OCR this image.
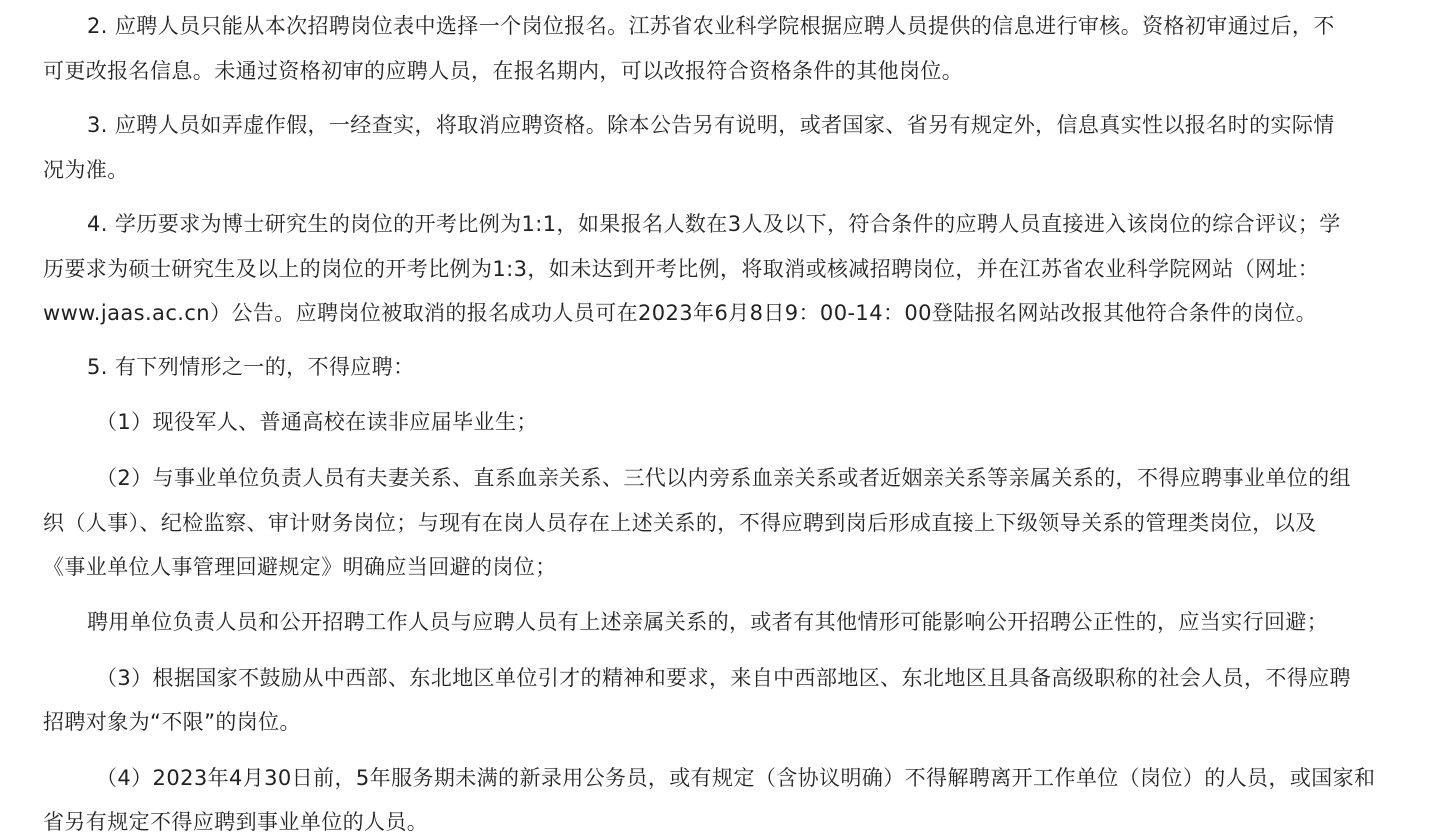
2. 应聘人员只能从本次招聘岗位表中选择一个岗位报名。江苏省农业科学院根据应聘人员提供的信息进行审核。资格初审通过后，不
可更改报名信息。未通过资格初审的应聘人员，在报名期内，可以改报符合资格条件的其他岗位。
3. 应聘人员如弄虚作假，一经查实，将取消应聘资格。除本公告另有说明，或者国家、省另有规定外，信息真实性以报名时的实际情
况为准。
4. 学历要求为博士研究生的岗位的开考比例为1:1，如果报名人数在3人及以下，符合条件的应聘人员直接进入该岗位的综合评议；学
历要求为硕士研究生及以上的岗位的开考比例为1:3，如未达到开考比例，将取消或核减招聘岗位，并在江苏省农业科学院网站（网址：
www.jaas.ac.cn）公告。应聘岗位被取消的报名成功人员可在2023年6月8日9：00-14：00登陆报名网站改报其他符合条件的岗位。
5. 有下列情形之一的，不得应聘：
（1）现役军人、普通高校在读非应届毕业生；
（2）与事业单位负责人员有夫妻关系、直系血亲关系、三代以内旁系血亲关系或者近姻亲关系等亲属关系的，不得应聘事业单位的组
织（人事）、纪检监察、审计财务岗位；与现有在岗人员存在上述关系的，不得应聘到岗后形成直接上下级领导关系的管理类岗位，以及
《事业单位人事管理回避规定》明确应当回避的岗位；
聘用单位负责人员和公开招聘工作人员与应聘人员有上述亲属关系的，或者有其他情形可能影响公开招聘公正性的，应当实行回避；
（3）根据国家不鼓励从中西部、东北地区单位引才的精神和要求，来自中西部地区、东北地区且具备高级职称的社会人员，不得应聘
招聘对象为“不限”的岗位。
（4）2023年4月30日前，5年服务期未满的新录用公务员，或有规定（含协议明确）不得解聘离开工作单位（岗位）的人员，或国家和
省另有规定不得应聘到事业单位的人员。
